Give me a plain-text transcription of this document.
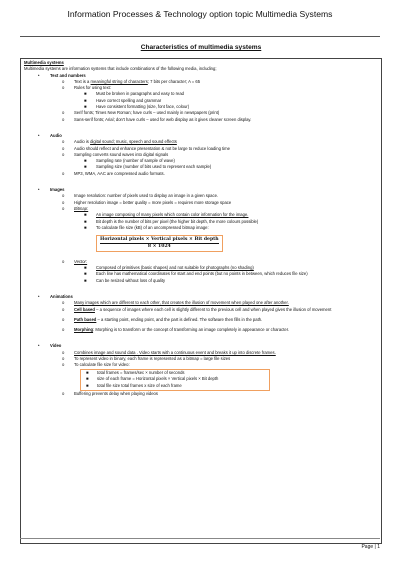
Information Processes & Technology option topic Multimedia Systems
Characteristics of multimedia systems
Multimedia systems
Multimedia systems are information systems that include combinations of the following media, including;
•	Text and numbers
o Text is a meaningful string of characters; 7 bits per character; A = 65
o Rules for using text:
■ Must be broken in paragraphs and easy to read
■ Have correct spelling and grammar
■ Have consistent formatting (size, font face, colour)
o Serif fonts; Times New Roman; have curls – used mainly in newspapers (print)
o Sans-serif fonts; Arial; don't have curls – used for web display as it gives cleaner screen display.
•	Audio
o Audio is digital sound; music, speech and sound effects
o Audio should reflect and enhance presentation & not be large to reduce loading time
o Sampling converts sound waves into digital signals
■ Sampling rate (number of sample of wave)
■ Sampling size (number of bits used to represent each sample)
o MP3, WMA, AAC are compressed audio formats.
•	Images
o Image resolution: number of pixels used to display an image in a given space.
o Higher resolution image = better quality = more pixels = requires more storage space
o Bitmap:
■ An image composing of many pixels which contain color information for the image.
■ Bit depth is the number of bits per pixel (the higher bit depth, the more colours possible)
■ To calculate file size (kB) of an uncompressed bitmap image:
Horizontal pixels × Vertical pixels × Bit depth
8 × 1024
o Vector:
■ Composed of primitives (basic shapes) and not suitable for photographs (no shading)
■ Each line has mathematical coordinates for start and end points (but no points in between, which reduces file size)
■ Can be resized without loss of quality
•	Animations
o Many images which are different to each other, that creates the illusion of movement when played one after another.
o Cell based – a sequence of images where each cell is slightly different to the previous cell and when played gives the illusion of movement
o Path based – a starting point, ending point, and the part is defined. The software then fills in the path.
o Morphing: Morphing is to transform or the concept of transforming an image completely in appearance or character.
•	Video
o Combines image and sound data . Video starts with a continuous event and breaks it up into discrete frames.
o To represent video in binary, each frame is represented as a bitmap = large file sizes
o To calculate file size for video:
■ total frames = frames/sec × number of seconds
■ size of each frame = Horizontal pixels × Vertical pixels × Bit depth
■ total file size total frames x size of each frame
o Buffering prevents delay when playing videos
Page | 1
